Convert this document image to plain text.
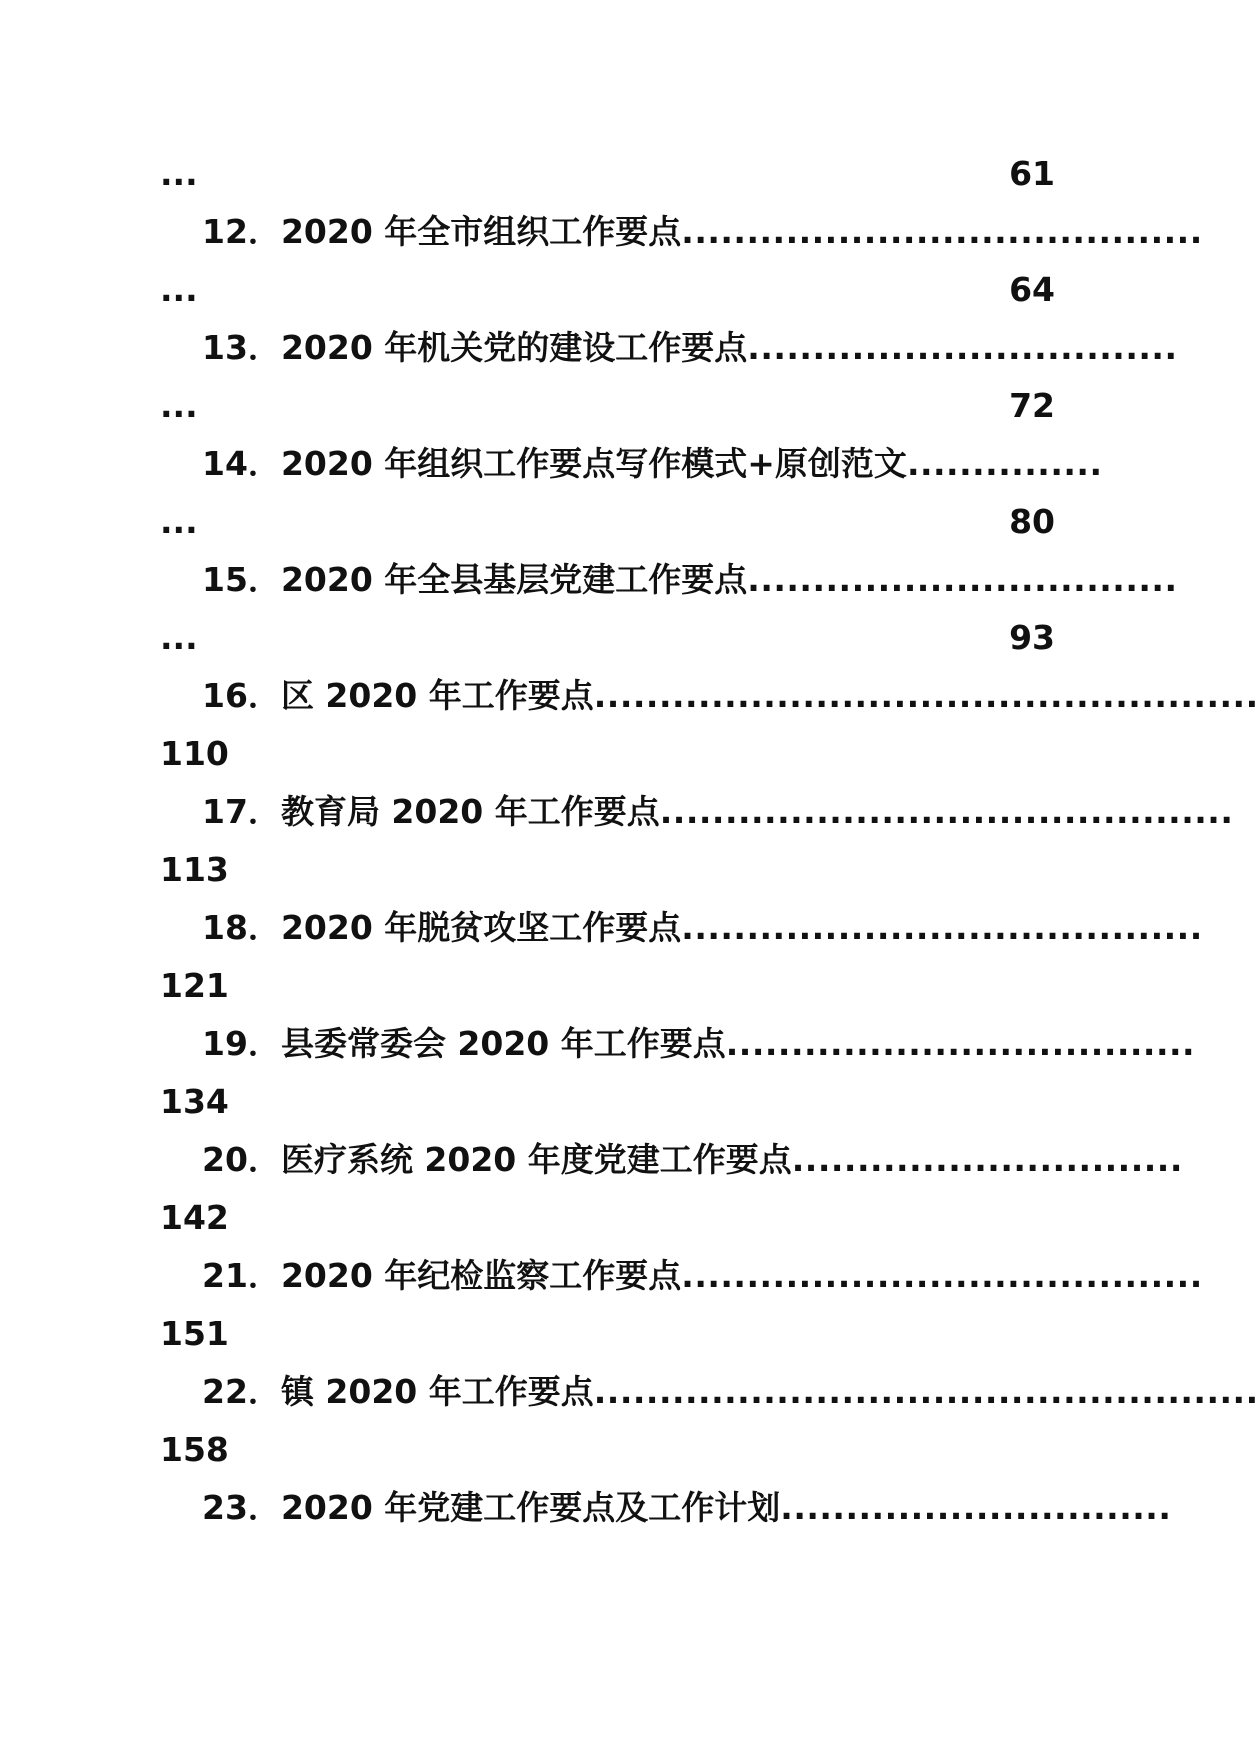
...	61
12．2020 年全市组织工作要点........................................
...	64
13．2020 年机关党的建设工作要点.................................
...	72
14．2020 年组织工作要点写作模式+原创范文...............
...	80
15．2020 年全县基层党建工作要点.................................
...	93
16．区 2020 年工作要点...................................................
110
17．教育局 2020 年工作要点............................................
113
18．2020 年脱贫攻坚工作要点........................................
121
19．县委常委会 2020 年工作要点....................................
134
20．医疗系统 2020 年度党建工作要点..............................
142
21．2020 年纪检监察工作要点........................................
151
22．镇 2020 年工作要点...................................................
158
23．2020 年党建工作要点及工作计划..............................
